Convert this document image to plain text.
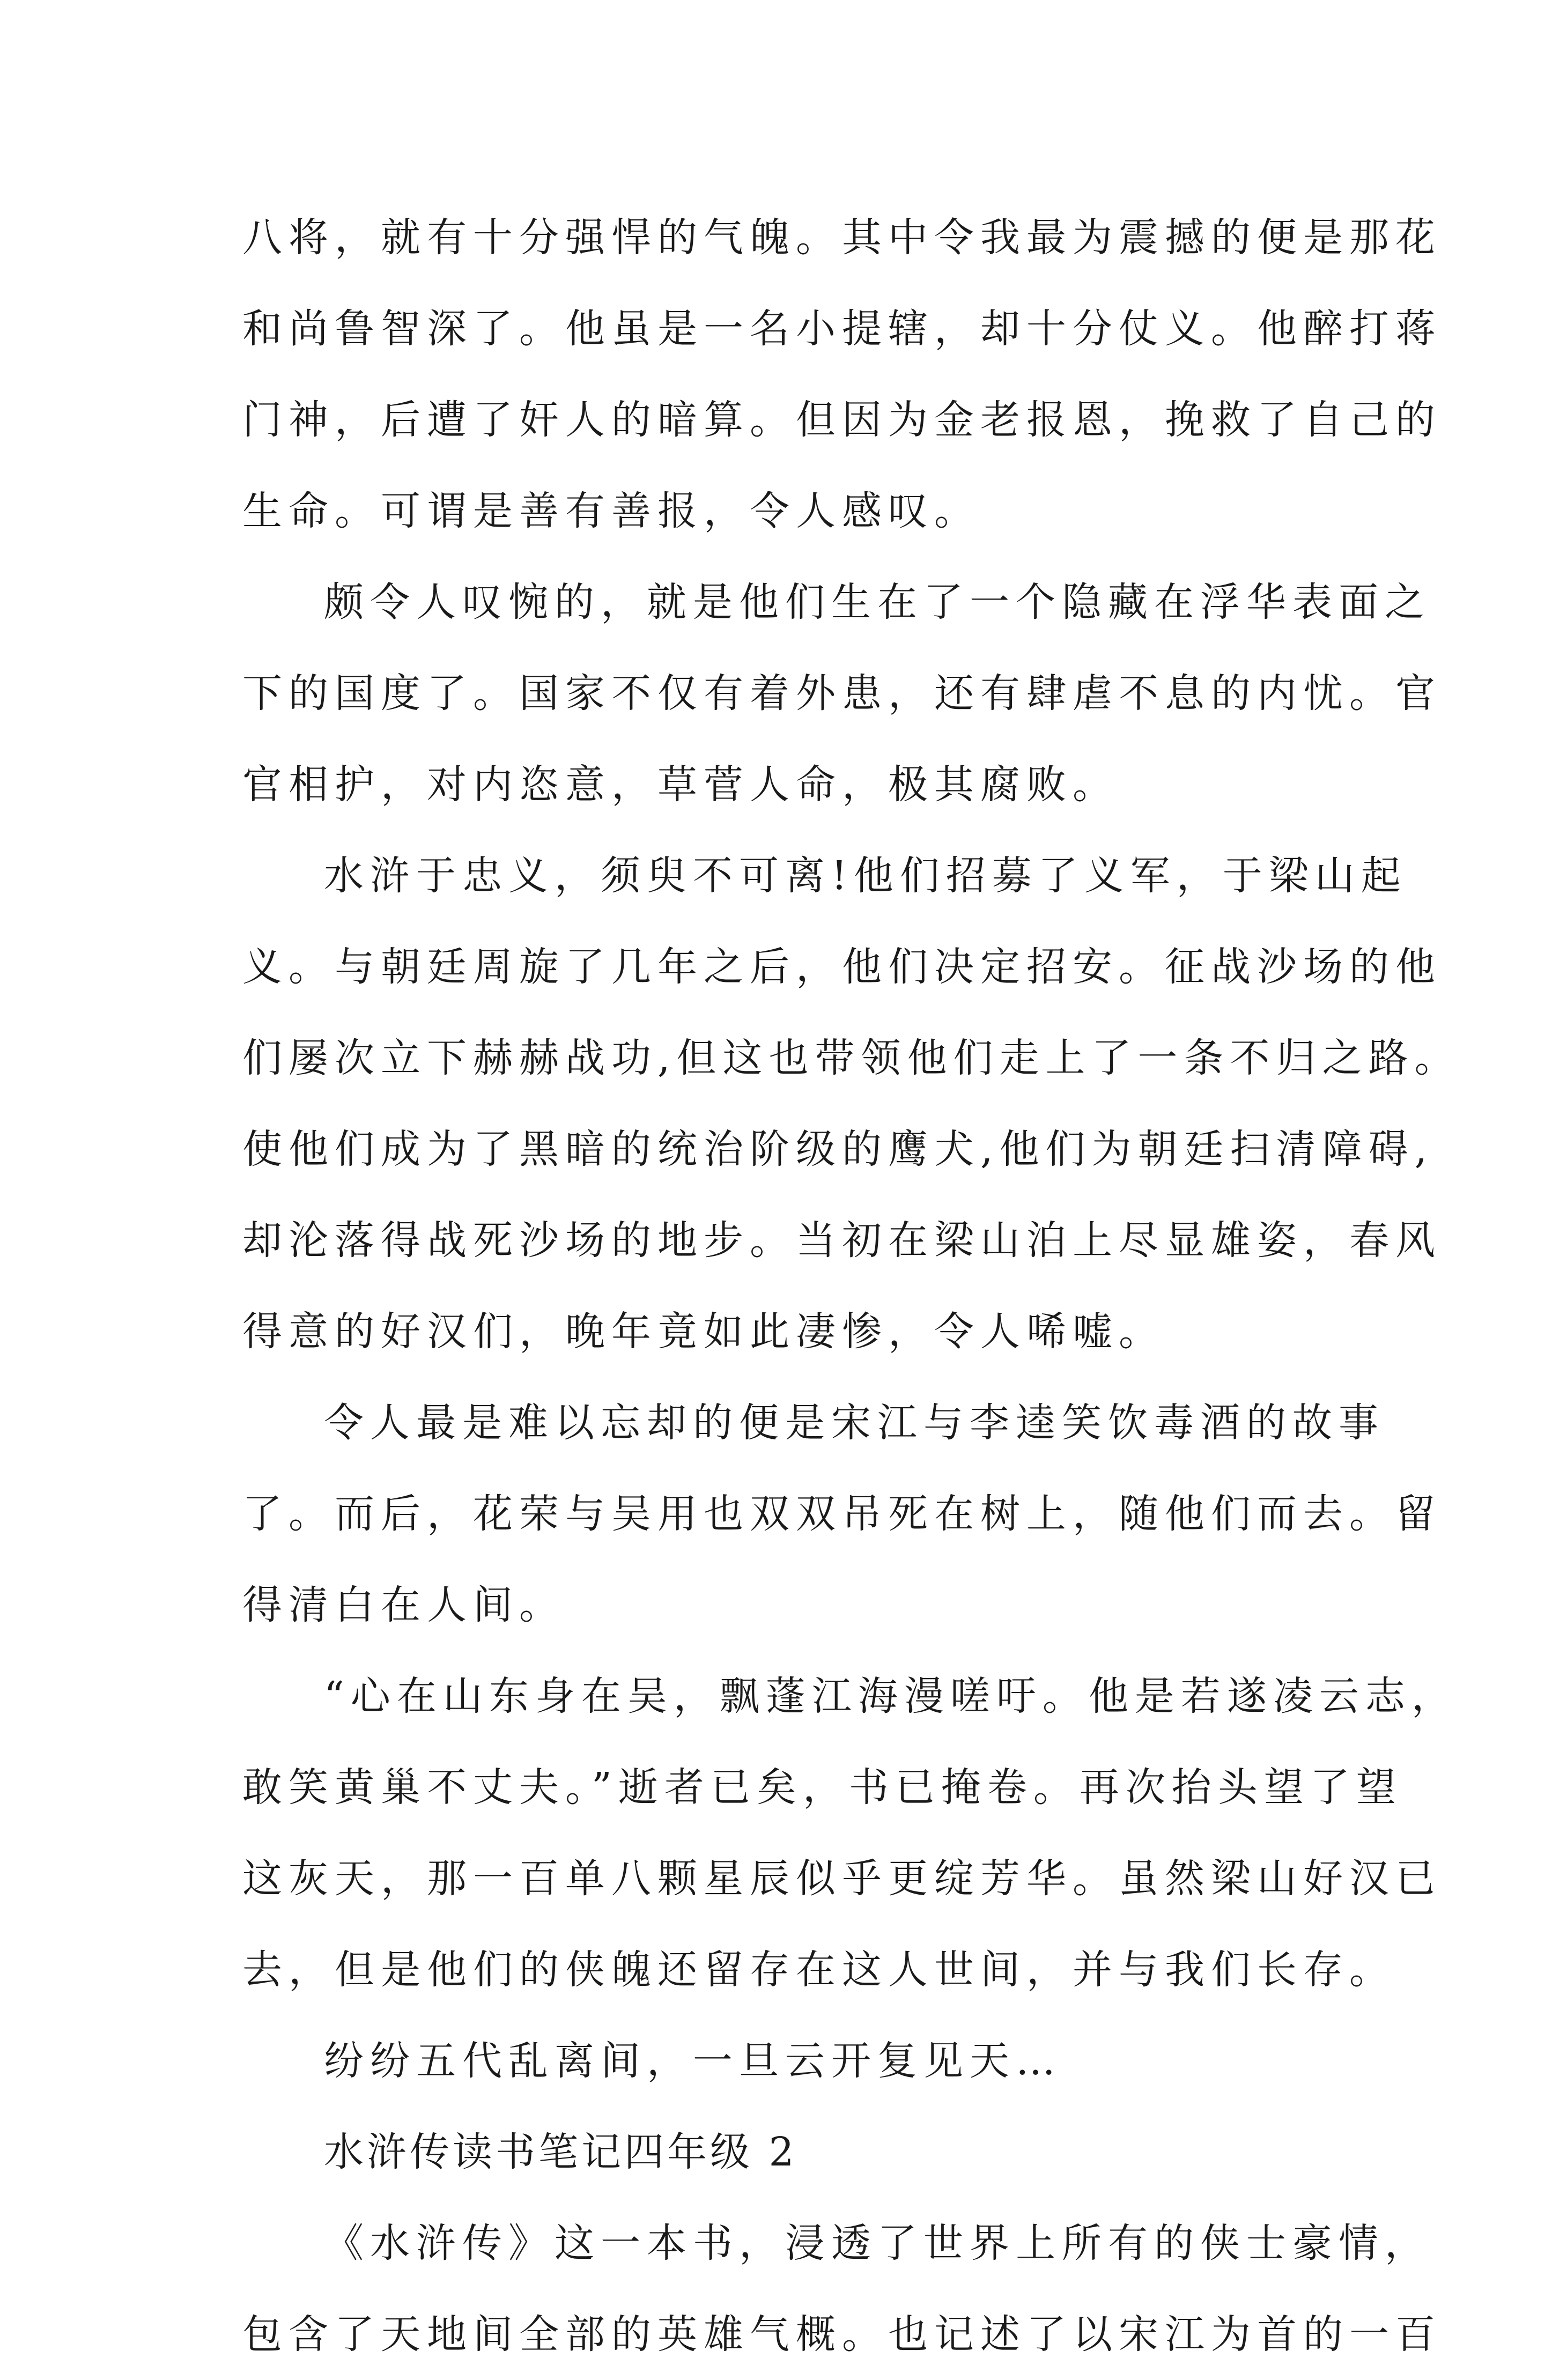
八将，就有十分强悍的气魄。其中令我最为震撼的便是那花
和尚鲁智深了。他虽是一名小提辖，却十分仗义。他醉打蒋
门神，后遭了奸人的暗算。但因为金老报恩，挽救了自己的
生命。可谓是善有善报，令人感叹。
颇令人叹惋的，就是他们生在了一个隐藏在浮华表面之
下的国度了。国家不仅有着外患，还有肆虐不息的内忧。官
官相护，对内恣意，草菅人命，极其腐败。
水浒于忠义，须臾不可离!他们招募了义军，于梁山起
义。与朝廷周旋了几年之后，他们决定招安。征战沙场的他
们屡次立下赫赫战功,但这也带领他们走上了一条不归之路。
使他们成为了黑暗的统治阶级的鹰犬,他们为朝廷扫清障碍,
却沦落得战死沙场的地步。当初在梁山泊上尽显雄姿，春风
得意的好汉们，晚年竟如此凄惨，令人唏嘘。
令人最是难以忘却的便是宋江与李逵笑饮毒酒的故事
了。而后，花荣与吴用也双双吊死在树上，随他们而去。留
得清白在人间。
“心在山东身在吴，飘蓬江海漫嗟吁。他是若遂凌云志，
敢笑黄巢不丈夫。”逝者已矣，书已掩卷。再次抬头望了望
这灰天，那一百单八颗星辰似乎更绽芳华。虽然梁山好汉已
去，但是他们的侠魄还留存在这人世间，并与我们长存。
纷纷五代乱离间，一旦云开复见天…
水浒传读书笔记四年级 2
《水浒传》这一本书，浸透了世界上所有的侠士豪情，
包含了天地间全部的英雄气概。也记述了以宋江为首的一百
